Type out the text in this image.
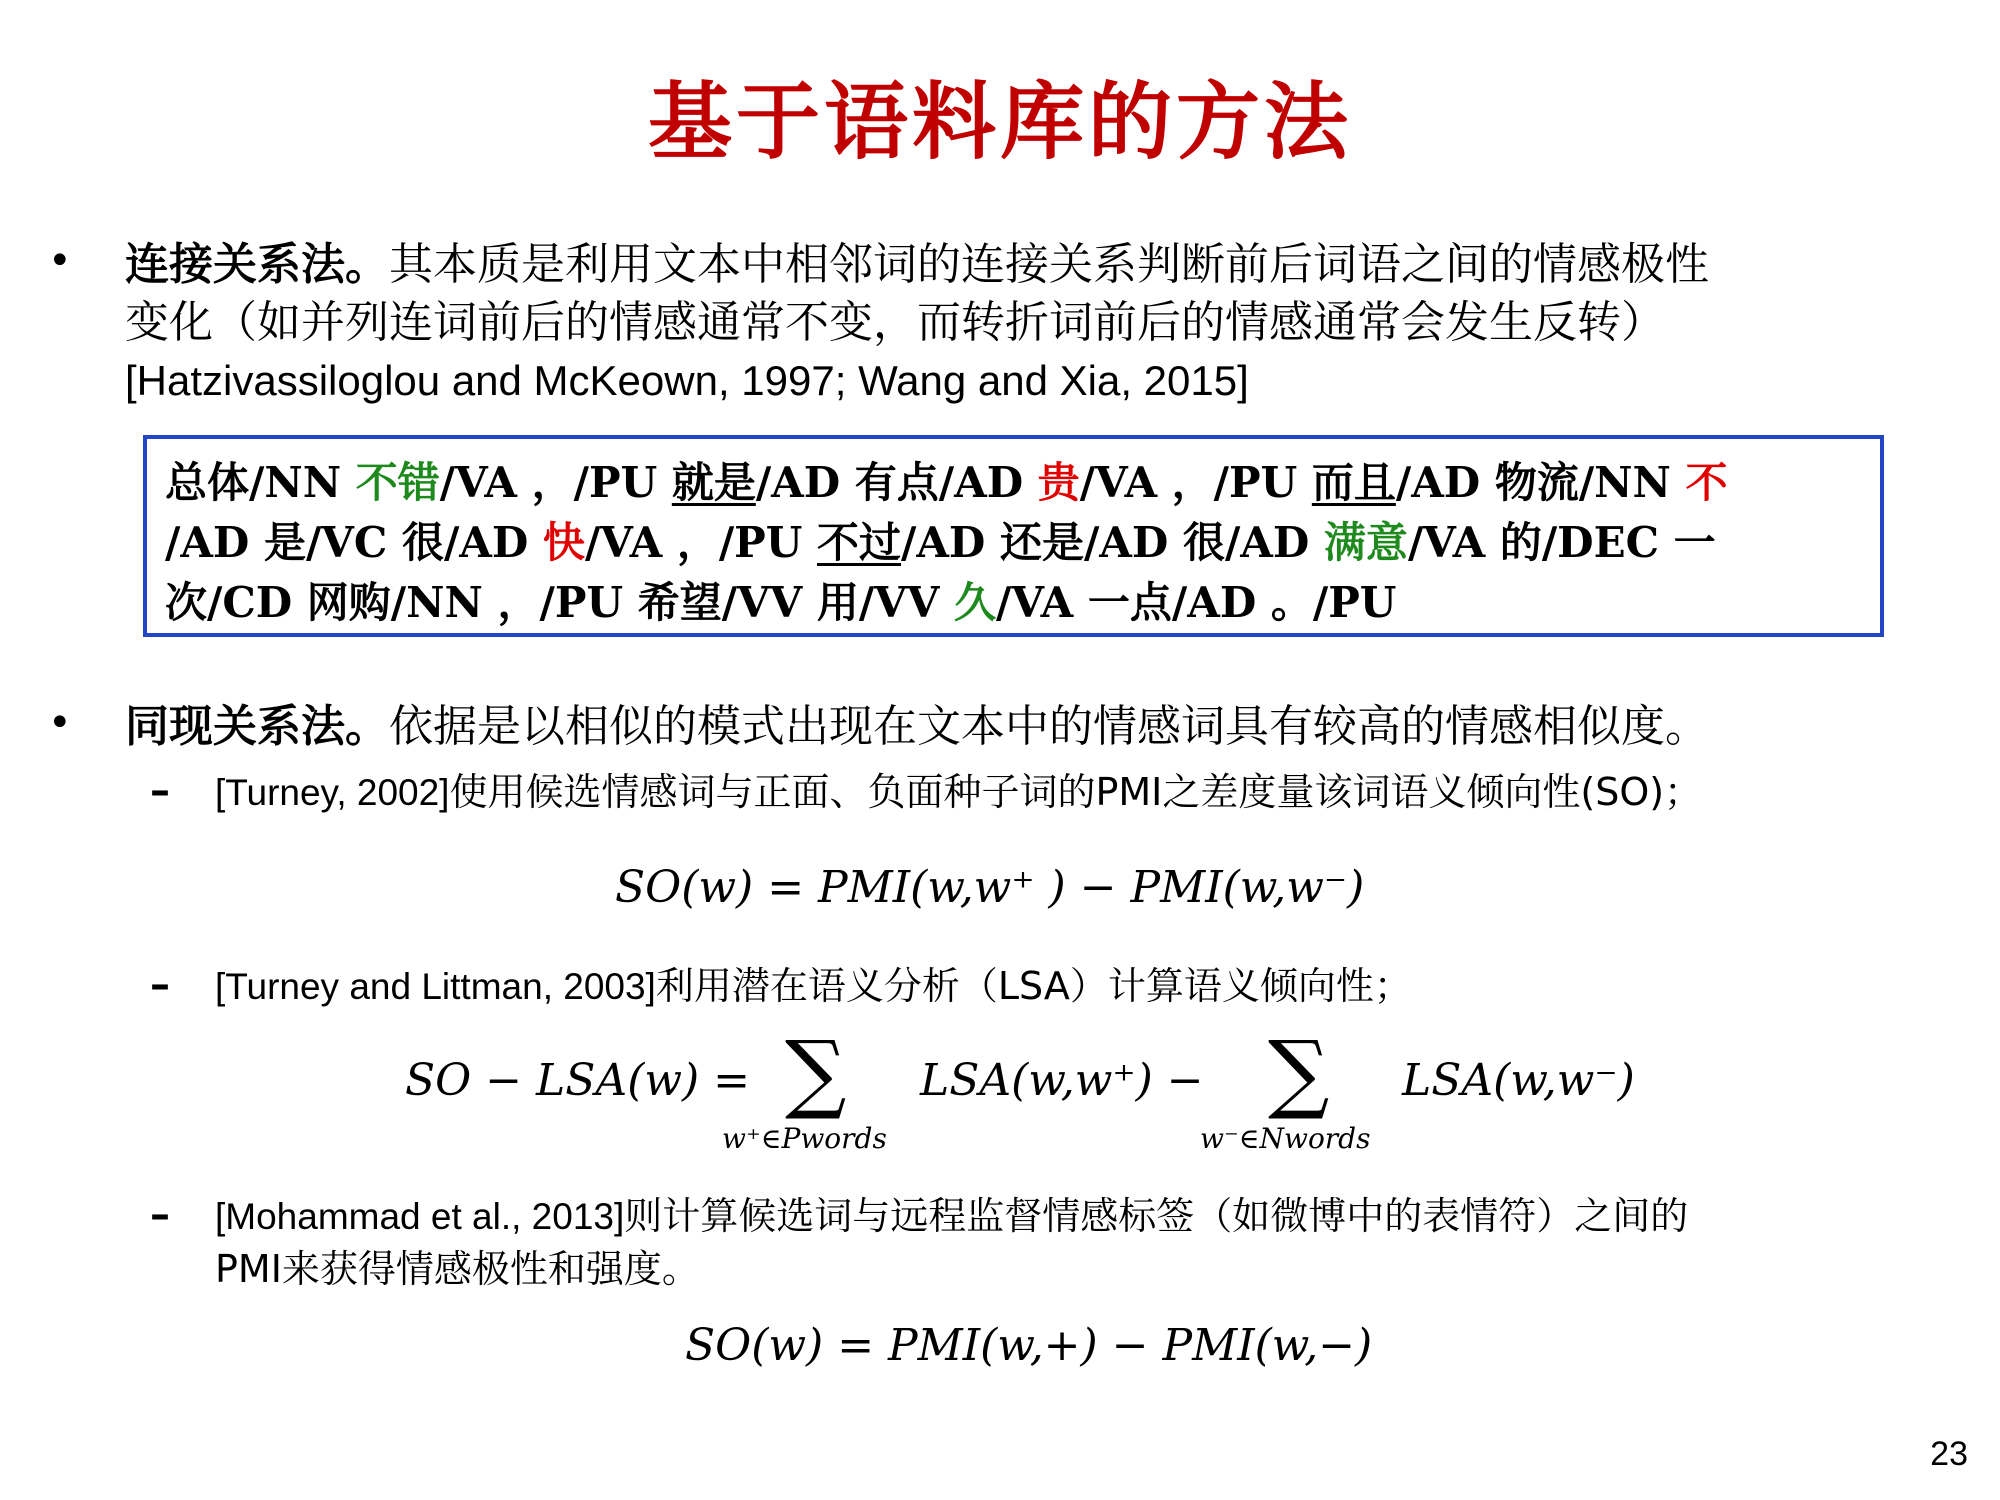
基于语料库的方法
• 连接关系法。其本质是利用文本中相邻词的连接关系判断前后词语之间的情感极性
变化（如并列连词前后的情感通常不变，而转折词前后的情感通常会发生反转）
[Hatzivassiloglou and McKeown, 1997; Wang and Xia, 2015]
总体/NN 不错/VA ，/PU 就是/AD 有点/AD 贵/VA ，/PU 而且/AD 物流/NN 不
/AD 是/VC 很/AD 快/VA ，/PU 不过/AD 还是/AD 很/AD 满意/VA 的/DEC 一
次/CD 网购/NN ，/PU 希望/VV 用/VV 久/VA 一点/AD 。/PU
• 同现关系法。依据是以相似的模式出现在文本中的情感词具有较高的情感相似度。
– [Turney, 2002]使用候选情感词与正面、负面种子词的PMI之差度量该词语义倾向性(SO)；
SO(w) = PMI(w,w⁺ ) − PMI(w,w⁻)
– [Turney and Littman, 2003]利用潜在语义分析（LSA）计算语义倾向性；
SO − LSA(w) = ∑
w⁺∈Pwords
LSA(w,w⁺) − ∑
w⁻∈Nwords
LSA(w,w⁻)
– [Mohammad et al., 2013]则计算候选词与远程监督情感标签（如微博中的表情符）之间的
PMI来获得情感极性和强度。
SO(w) = PMI(w,+) − PMI(w,−)
23
